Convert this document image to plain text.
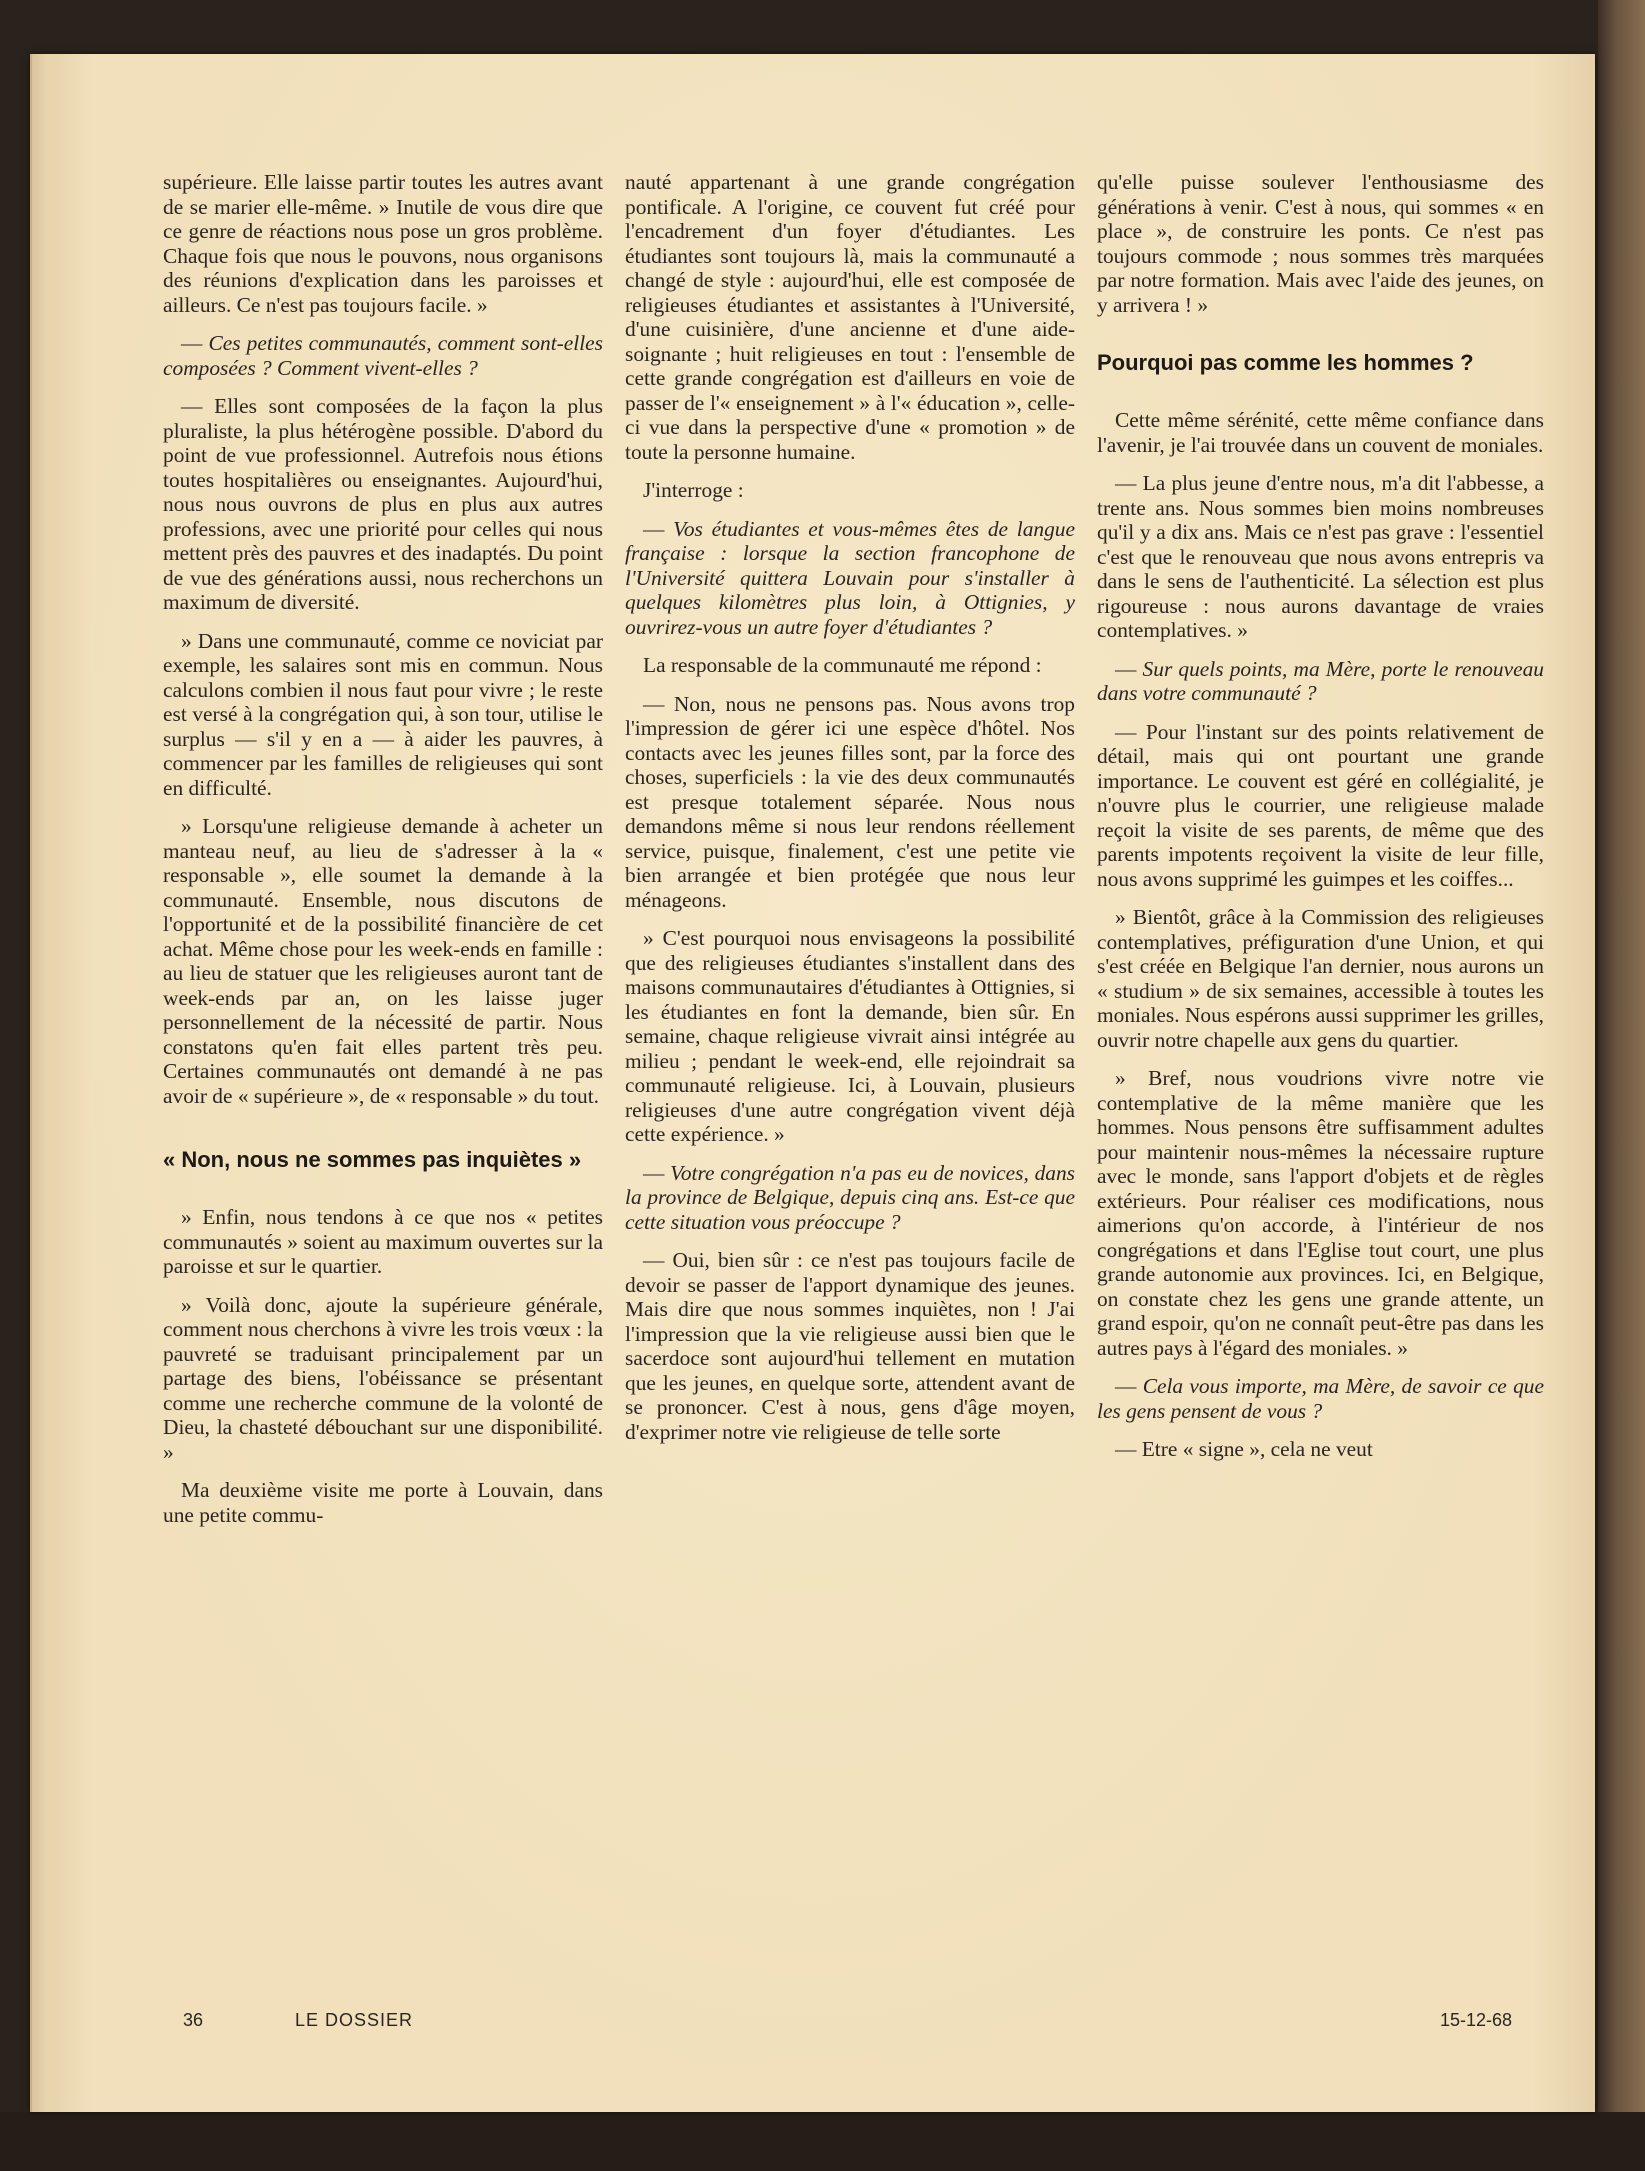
supérieure. Elle laisse partir toutes les autres avant de se marier elle-même. » Inutile de vous dire que ce genre de réactions nous pose un gros problème. Chaque fois que nous le pouvons, nous organisons des réunions d'explication dans les paroisses et ailleurs. Ce n'est pas toujours facile. »

— Ces petites communautés, comment sont-elles composées ? Comment vivent-elles ?

— Elles sont composées de la façon la plus pluraliste, la plus hétérogène possible. D'abord du point de vue professionnel. Autrefois nous étions toutes hospitalières ou enseignantes. Aujourd'hui, nous nous ouvrons de plus en plus aux autres professions, avec une priorité pour celles qui nous mettent près des pauvres et des inadaptés. Du point de vue des générations aussi, nous recherchons un maximum de diversité.

» Dans une communauté, comme ce noviciat par exemple, les salaires sont mis en commun. Nous calculons combien il nous faut pour vivre ; le reste est versé à la congrégation qui, à son tour, utilise le surplus — s'il y en a — à aider les pauvres, à commencer par les familles de religieuses qui sont en difficulté.

» Lorsqu'une religieuse demande à acheter un manteau neuf, au lieu de s'adresser à la « responsable », elle soumet la demande à la communauté. Ensemble, nous discutons de l'opportunité et de la possibilité financière de cet achat. Même chose pour les week-ends en famille : au lieu de statuer que les religieuses auront tant de week-ends par an, on les laisse juger personnellement de la nécessité de partir. Nous constatons qu'en fait elles partent très peu. Certaines communautés ont demandé à ne pas avoir de « supérieure », de « responsable » du tout.

« Non, nous ne sommes pas inquiètes »

» Enfin, nous tendons à ce que nos « petites communautés » soient au maximum ouvertes sur la paroisse et sur le quartier.

» Voilà donc, ajoute la supérieure générale, comment nous cherchons à vivre les trois vœux : la pauvreté se traduisant principalement par un partage des biens, l'obéissance se présentant comme une recherche commune de la volonté de Dieu, la chasteté débouchant sur une disponibilité. »

Ma deuxième visite me porte à Louvain, dans une petite commu-

nauté appartenant à une grande congrégation pontificale. A l'origine, ce couvent fut créé pour l'encadrement d'un foyer d'étudiantes. Les étudiantes sont toujours là, mais la communauté a changé de style : aujourd'hui, elle est composée de religieuses étudiantes et assistantes à l'Université, d'une cuisinière, d'une ancienne et d'une aide-soignante ; huit religieuses en tout : l'ensemble de cette grande congrégation est d'ailleurs en voie de passer de l'« enseignement » à l'« éducation », celle-ci vue dans la perspective d'une « promotion » de toute la personne humaine.

J'interroge :

— Vos étudiantes et vous-mêmes êtes de langue française : lorsque la section francophone de l'Université quittera Louvain pour s'installer à quelques kilomètres plus loin, à Ottignies, y ouvrirez-vous un autre foyer d'étudiantes ?

La responsable de la communauté me répond :

— Non, nous ne pensons pas. Nous avons trop l'impression de gérer ici une espèce d'hôtel. Nos contacts avec les jeunes filles sont, par la force des choses, superficiels : la vie des deux communautés est presque totalement séparée. Nous nous demandons même si nous leur rendons réellement service, puisque, finalement, c'est une petite vie bien arrangée et bien protégée que nous leur ménageons.

» C'est pourquoi nous envisageons la possibilité que des religieuses étudiantes s'installent dans des maisons communautaires d'étudiantes à Ottignies, si les étudiantes en font la demande, bien sûr. En semaine, chaque religieuse vivrait ainsi intégrée au milieu ; pendant le week-end, elle rejoindrait sa communauté religieuse. Ici, à Louvain, plusieurs religieuses d'une autre congrégation vivent déjà cette expérience. »

— Votre congrégation n'a pas eu de novices, dans la province de Belgique, depuis cinq ans. Est-ce que cette situation vous préoccupe ?

— Oui, bien sûr : ce n'est pas toujours facile de devoir se passer de l'apport dynamique des jeunes. Mais dire que nous sommes inquiètes, non ! J'ai l'impression que la vie religieuse aussi bien que le sacerdoce sont aujourd'hui tellement en mutation que les jeunes, en quelque sorte, attendent avant de se prononcer. C'est à nous, gens d'âge moyen, d'exprimer notre vie religieuse de telle sorte

qu'elle puisse soulever l'enthousiasme des générations à venir. C'est à nous, qui sommes « en place », de construire les ponts. Ce n'est pas toujours commode ; nous sommes très marquées par notre formation. Mais avec l'aide des jeunes, on y arrivera ! »

Pourquoi pas comme les hommes ?

Cette même sérénité, cette même confiance dans l'avenir, je l'ai trouvée dans un couvent de moniales.

— La plus jeune d'entre nous, m'a dit l'abbesse, a trente ans. Nous sommes bien moins nombreuses qu'il y a dix ans. Mais ce n'est pas grave : l'essentiel c'est que le renouveau que nous avons entrepris va dans le sens de l'authenticité. La sélection est plus rigoureuse : nous aurons davantage de vraies contemplatives. »

— Sur quels points, ma Mère, porte le renouveau dans votre communauté ?

— Pour l'instant sur des points relativement de détail, mais qui ont pourtant une grande importance. Le couvent est géré en collégialité, je n'ouvre plus le courrier, une religieuse malade reçoit la visite de ses parents, de même que des parents impotents reçoivent la visite de leur fille, nous avons supprimé les guimpes et les coiffes...

» Bientôt, grâce à la Commission des religieuses contemplatives, préfiguration d'une Union, et qui s'est créée en Belgique l'an dernier, nous aurons un « studium » de six semaines, accessible à toutes les moniales. Nous espérons aussi supprimer les grilles, ouvrir notre chapelle aux gens du quartier.

» Bref, nous voudrions vivre notre vie contemplative de la même manière que les hommes. Nous pensons être suffisamment adultes pour maintenir nous-mêmes la nécessaire rupture avec le monde, sans l'apport d'objets et de règles extérieurs. Pour réaliser ces modifications, nous aimerions qu'on accorde, à l'intérieur de nos congrégations et dans l'Eglise tout court, une plus grande autonomie aux provinces. Ici, en Belgique, on constate chez les gens une grande attente, un grand espoir, qu'on ne connaît peut-être pas dans les autres pays à l'égard des moniales. »

— Cela vous importe, ma Mère, de savoir ce que les gens pensent de vous ?

— Etre « signe », cela ne veut

36	LE DOSSIER	15-12-68
